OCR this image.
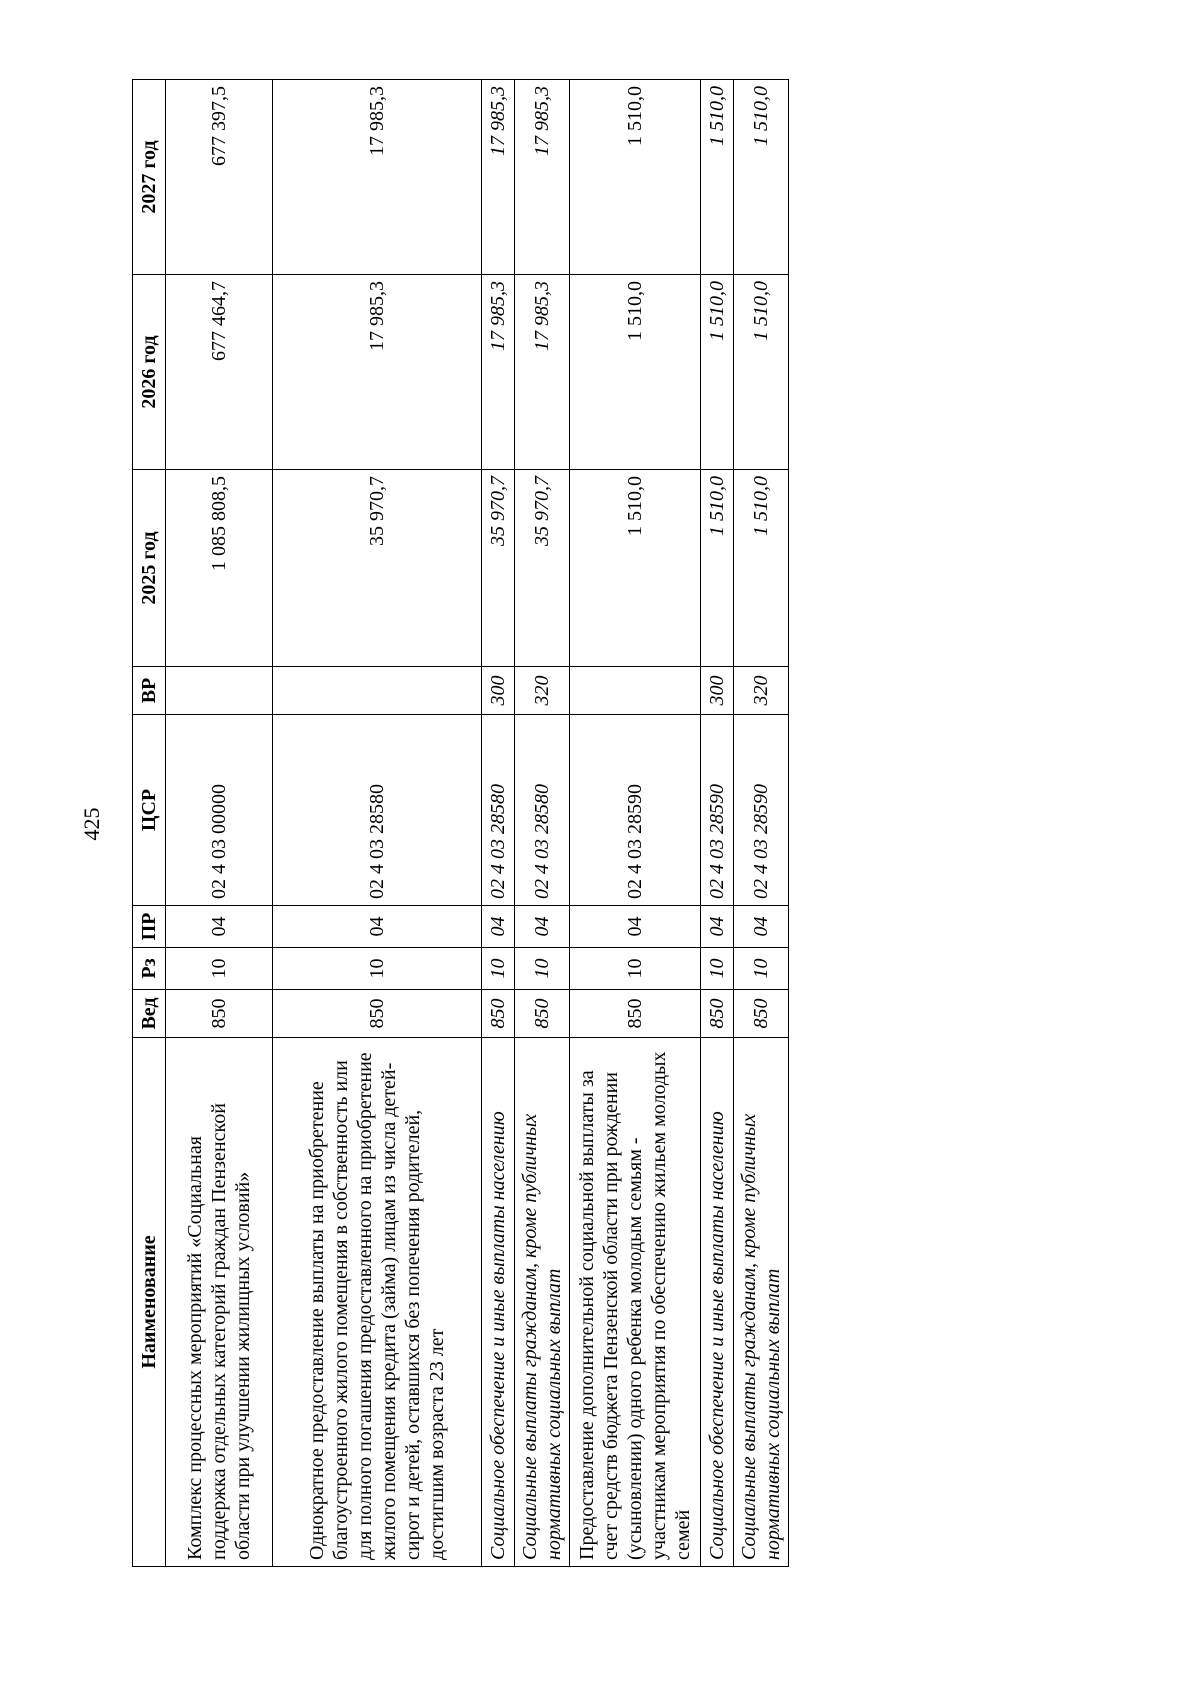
425
Наименование	Вед	Рз	ПР	ЦСР	ВР	2025 год	2026 год	2027 год
Комплекс процессных мероприятий «Социальная поддержка отдельных категорий граждан Пензенской области при улучшении жилищных условий»	850	10	04	02 4 03 00000		1 085 808,5	677 464,7	677 397,5
Однократное предоставление выплаты на приобретение благоустроенного жилого помещения в собственность или для полного погашения предоставленного на приобретение жилого помещения кредита (займа) лицам из числа детей-сирот и детей, оставшихся без попечения родителей, достигшим возраста 23 лет	850	10	04	02 4 03 28580		35 970,7	17 985,3	17 985,3
Социальное обеспечение и иные выплаты населению	850	10	04	02 4 03 28580	300	35 970,7	17 985,3	17 985,3
Социальные выплаты гражданам, кроме публичных нормативных социальных выплат	850	10	04	02 4 03 28580	320	35 970,7	17 985,3	17 985,3
Предоставление дополнительной социальной выплаты за счет средств бюджета Пензенской области при рождении (усыновлении) одного ребенка молодым семьям - участникам мероприятия по обеспечению жильем молодых семей	850	10	04	02 4 03 28590		1 510,0	1 510,0	1 510,0
Социальное обеспечение и иные выплаты населению	850	10	04	02 4 03 28590	300	1 510,0	1 510,0	1 510,0
Социальные выплаты гражданам, кроме публичных нормативных социальных выплат	850	10	04	02 4 03 28590	320	1 510,0	1 510,0	1 510,0
